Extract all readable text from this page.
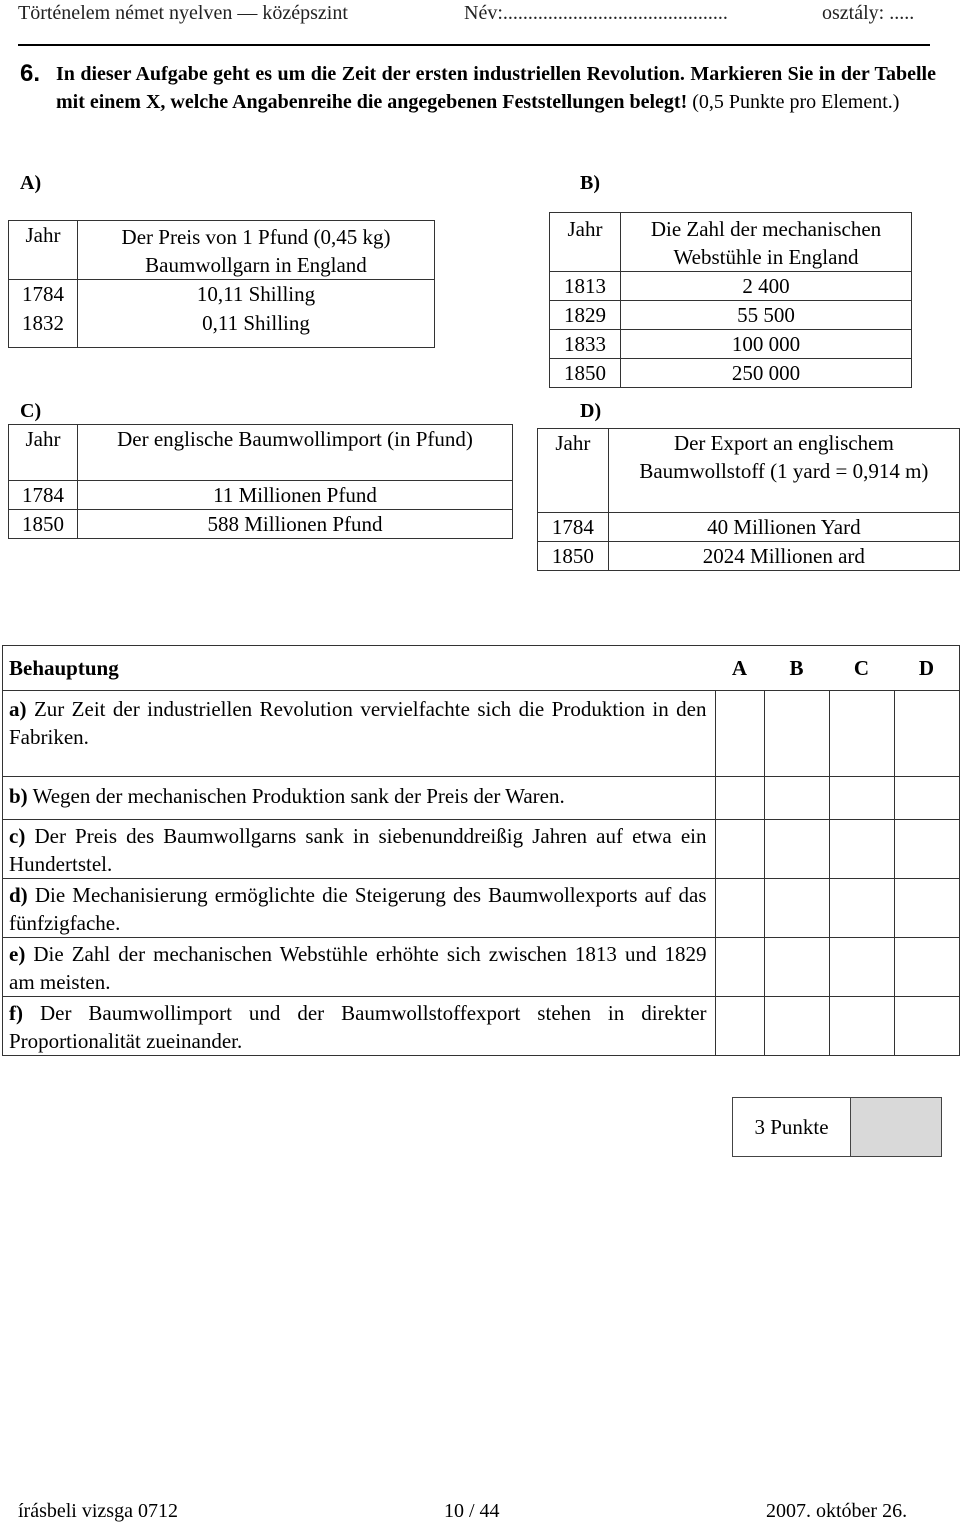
Történelem német nyelven — középszint	Név:.............................................	osztály: .....
6. In dieser Aufgabe geht es um die Zeit der ersten industriellen Revolution. Markieren Sie in der Tabelle mit einem X, welche Angabenreihe die angegebenen Feststellungen belegt! (0,5 Punkte pro Element.)
A)	B)
C)	D)
Jahr	Der Preis von 1 Pfund (0,45 kg) Baumwollgarn in England
1784	10,11 Shilling
1832	0,11 Shilling
Jahr	Die Zahl der mechanischen Webstühle in England
1813	2 400
1829	55 500
1833	100 000
1850	250 000
Jahr	Der englische Baumwollimport (in Pfund)
1784	11 Millionen Pfund
1850	588 Millionen Pfund
Jahr	Der Export an englischem Baumwollstoff (1 yard = 0,914 m)
1784	40 Millionen Yard
1850	2024 Millionen ard
Behauptung	A	B	C	D
a) Zur Zeit der industriellen Revolution vervielfachte sich die Produktion in den Fabriken.				
b) Wegen der mechanischen Produktion sank der Preis der Waren.				
c) Der Preis des Baumwollgarns sank in siebenunddreißig Jahren auf etwa ein Hundertstel.				
d) Die Mechanisierung ermöglichte die Steigerung des Baumwollexports auf das fünfzigfache.				
e) Die Zahl der mechanischen Webstühle erhöhte sich zwischen 1813 und 1829 am meisten.				
f) Der Baumwollimport und der Baumwollstoffexport stehen in direkter Proportionalität zueinander.				
3 Punkte	
írásbeli vizsga 0712	10 / 44	2007. október 26.
